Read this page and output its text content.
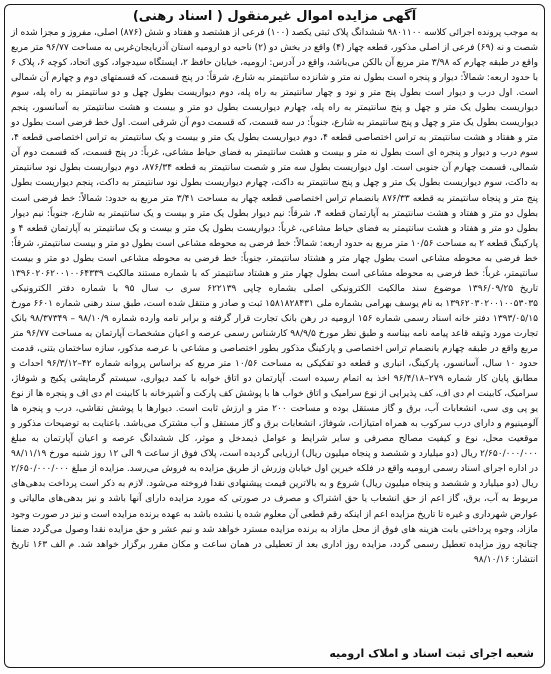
آگهی مزایده اموال غیرمنقول ( اسناد رهنی)

به موجب پرونده اجرائی کلاسه ۹۸۰۱۱۰۰ ششدانگ پلاک ثبتی یکصد (۱۰۰) فرعی از هشتصد و هفتاد و شش (۸۷۶) اصلی، مفروز و مجزا شده از شصت و نه (۶۹) فرعی از اصلی مذکور، قطعه چهار (۴) واقع در بخش دو (۲) ناحیه دو ارومیه استان آذربایجان‌غربی به مساحت ۹۶/۷۷ متر مربع واقع در طبقه چهارم که ۳/۹۸ متر مربع آن بالکن می‌باشد، واقع در آدرس: ارومیه، خیابان حافظ ۲، ایستگاه سیدجواد، کوی اتحاد، کوچه ۶، پلاک ۶ با حدود اربعه: شمالاً: دیوار و پنجره است بطول نه متر و شانزده سانتیمتر به شارع، شرقاً: در پنج قسمت، که قسمتهای دوم و چهارم آن شمالی است. اول درب و دیوار است بطول پنج متر و نود و چهار سانتیمتر به راه پله، دوم دیواریست بطول چهل و دو سانتیمتر به راه پله، سوم دیواریست بطول یک متر و چهل و پنج سانتیمتر به راه پله، چهارم دیواریست بطول دو متر و بیست و هشت سانتیمتر به آسانسور، پنجم دیواریست بطول یک متر و چهل و پنج سانتیمتر به شارع، جنوباً: در سه قسمت، که قسمت دوم آن شرقی است. اول خط فرضی است بطول دو متر و هفتاد و هشت سانتیمتر به تراس اختصاصی قطعه ۴، دوم دیواریست بطول یک متر و بیست و یک سانتیمتر به تراس اختصاصی قطعه ۴، سوم درب و دیوار و پنجره ای است بطول نه متر و بیست و هشت سانتیمتر به فضای حیاط مشاعی، غرباً: در پنج قسمت، که قسمت دوم آن شمالی، قسمت چهارم آن جنوبی است. اول دیواریست بطول سه متر و شصت سانتیمتر به قطعه ۸۷۶/۳۴، دوم دیواریست بطول نود سانتیمتر به داکت، سوم دیواریست بطول یک متر و چهل و پنج سانتیمتر به داکت، چهارم دیواریست بطول نود سانتیمتر به داکت، پنجم دیواریست بطول پنج متر و پنجاه سانتیمتر به قطعه ۸۷۶/۳۳ بانضمام تراس اختصاصی قطعه چهار به مساحت ۳/۴۱ متر مربع به حدود: شمالاً: خط فرضی است بطول دو متر و هفتاد و هشت سانتیمتر به آپارتمان قطعه ۴، شرقاً: نیم دیوار بطول یک متر و بیست و یک سانتیمتر به شارع، جنوباً: نیم دیوار بطول دو متر و هفتاد و هشت سانتیمتر به فضای حیاط مشاعی، غرباً: دیواریست بطول یک متر و بیست و یک سانتیمتر به آپارتمان قطعه ۴ و پارکینگ قطعه ۲ به مساحت ۱۰/۵۶ متر مربع به حدود اربعه: شمالاً: خط فرضی به محوطه مشاعی است بطول دو متر و بیست سانتیمتر، شرقاً: خط فرضی به محوطه مشاعی است بطول چهار متر و هشتاد سانتیمتر، جنوباً: خط فرضی به محوطه مشاعی است بطول دو متر و بیست سانتیمتر، غرباً: خط فرضی به محوطه مشاعی است بطول چهار متر و هشتاد سانتیمتر که با شماره مستند مالکیت ۱۳۹۶۰۲۰۶۲۰۰۱۰۰۶۴۳۳۹ تاریخ ۱۳۹۶/۰۹/۲۵ موضوع سند مالکیت الکترونیکی اصلی بشماره چاپی ۶۲۲۱۳۹ سری ب سال ۹۵ با شماره دفتر الکترونیکی ۱۳۹۶۲۰۳۰۲۰۰۱۰۰۵۳۰۳۵ به نام یوسف بهرامی بشماره ملی ۱۵۸۱۸۲۸۴۳۱ ثبت و صادر و منتقل شده است، طبق سند رهنی شماره ۶۶۰۱ مورخ ۱۳۹۳/۰۵/۱۵ دفتر خانه اسناد رسمی شماره ۱۵۶ ارومیه در رهن بانک تجارت قرار گرفته و برابر نامه وارده شماره ۹۸/۱۰/۹ – ۹۸/۳۷۳۴۹ بانک تجارت مورد وثیقه قاعد پیامه نامه بیناسه و طبق نظر مورخ ۹۸/۹/۵ کارشناس رسمی عرصه و اعیان مشخصات آپارتمان به مساحت ۹۶/۷۷ متر مربع واقع در طبقه چهارم بانضمام تراس اختصاصی و پارکینگ مذکور بطور اختصاصی و مشاعی با عرصه مذکور، سازه ساختمان بتنی، قدمت حدود ۱۰ سال، آسانسور، پارکینگ، انباری و قطعه دو تفکیکی به مساحت ۱۰/۵۶ متر مربع که براساس پروانه شماره ۴۲–۹۶/۳/۱۲ احداث و مطابق پایان کار شماره ۲۷۹–۹۶/۴/۱۸ اخذ به اتمام رسیده است. آپارتمان دو اتاق خوابه با کمد دیواری، سیستم گرمایشی پکیج و شوفاژ، سرامیک، کابینت ام دی اف، کف پذیرایی از نوع سرامیک و اتاق خواب ها با پوشش کف پارکت و آشپزخانه با کابینت ام دی اف و پنجره ها از نوع یو پی وی سی، انشعابات آب، برق و گاز مستقل بوده و مساحت ۲۰۰ متر و ارزش ثابت است. دیوارها با پوشش نقاشی، درب و پنجره ها آلومینیوم و دارای درب سرکوب به همراه امتیازات، شوفاژ، انشعابات برق و گاز مستقل و آب مشترک می‌باشد. باعنایت به توضیحات مذکور و موقعیت محل، نوع و کیفیت مصالح مصرفی و سایر شرایط و عوامل ذیمدخل و موثر، کل ششدانگ عرصه و اعیان آپارتمان به مبلغ ۲/۶۵۰/۰۰۰/۰۰۰ ریال (دو میلیارد و ششصد و پنجاه میلیون ریال) ارزیابی گردیده است، پلاک فوق از ساعت ۹ الی ۱۲ روز شنبه مورخ ۹۸/۱۱/۱۹ در اداره اجرای اسناد رسمی ارومیه واقع در فلکه خیرین اول خیابان وزرش از طریق مزایده به فروش می‌رسد. مزایده از مبلغ ۲/۶۵۰/۰۰۰/۰۰۰ ریال (دو میلیارد و ششصد و پنجاه میلیون ریال) شروع و به بالاترین قیمت پیشنهادی نقدا فروخته می‌شود. لازم به ذکر است پرداخت بدهی‌های مربوط به آب، برق، گاز اعم از حق انشعاب یا حق اشتراک و مصرف در صورتی که مورد مزایده دارای آنها باشد و نیز بدهی‌های مالیاتی و عوارض شهرداری و غیره تا تاریخ مزایده اعم از اینکه رقم قطعی آن معلوم شده یا نشده باشد به عهده برنده مزایده است و نیز در صورت وجود مازاد، وجوه پرداختی بابت هزینه های فوق از محل مازاد به برنده مزایده مسترد خواهد شد و نیم عشر و حق مزایده نقدا وصول می‌گردد ضمنا چنانچه روز مزایده تعطیل رسمی گردد، مزایده روز اداری بعد از تعطیلی در همان ساعت و مکان مقرر برگزار خواهد شد. م الف ۱۶۳ تاریخ انتشار: ۹۸/۱۰/۱۶

شعبه اجرای ثبت اسناد و املاک ارومیه
